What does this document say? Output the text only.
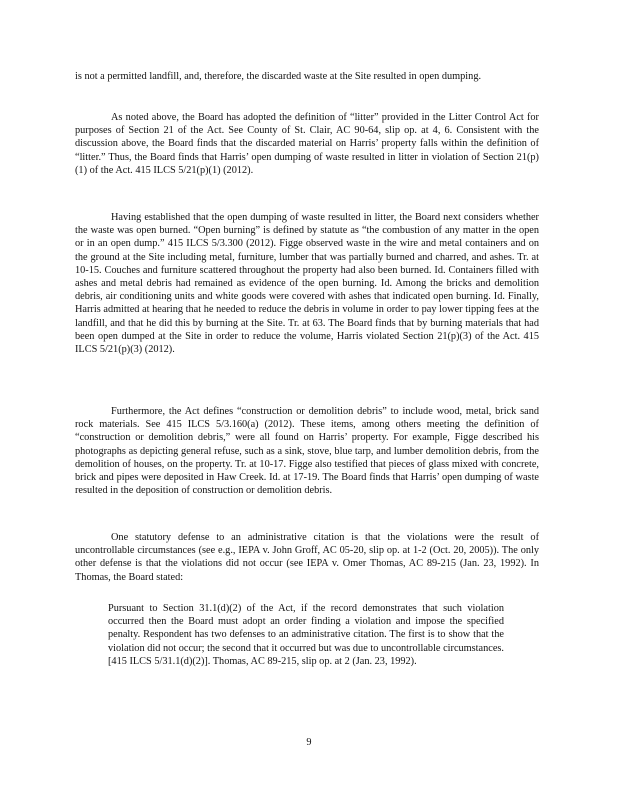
is not a permitted landfill, and, therefore, the discarded waste at the Site resulted in open dumping.

As noted above, the Board has adopted the definition of “litter” provided in the Litter Control Act for purposes of Section 21 of the Act. See County of St. Clair, AC 90-64, slip op. at 4, 6. Consistent with the discussion above, the Board finds that the discarded material on Harris’ property falls within the definition of “litter.” Thus, the Board finds that Harris’ open dumping of waste resulted in litter in violation of Section 21(p)(1) of the Act. 415 ILCS 5/21(p)(1) (2012).

Having established that the open dumping of waste resulted in litter, the Board next considers whether the waste was open burned. “Open burning” is defined by statute as “the combustion of any matter in the open or in an open dump.” 415 ILCS 5/3.300 (2012). Figge observed waste in the wire and metal containers and on the ground at the Site including metal, furniture, lumber that was partially burned and charred, and ashes. Tr. at 10-15. Couches and furniture scattered throughout the property had also been burned. Id. Containers filled with ashes and metal debris had remained as evidence of the open burning. Id. Among the bricks and demolition debris, air conditioning units and white goods were covered with ashes that indicated open burning. Id. Finally, Harris admitted at hearing that he needed to reduce the debris in volume in order to pay lower tipping fees at the landfill, and that he did this by burning at the Site. Tr. at 63. The Board finds that by burning materials that had been open dumped at the Site in order to reduce the volume, Harris violated Section 21(p)(3) of the Act. 415 ILCS 5/21(p)(3) (2012).

Furthermore, the Act defines “construction or demolition debris” to include wood, metal, brick sand rock materials. See 415 ILCS 5/3.160(a) (2012). These items, among others meeting the definition of “construction or demolition debris,” were all found on Harris’ property. For example, Figge described his photographs as depicting general refuse, such as a sink, stove, blue tarp, and lumber demolition debris, from the demolition of houses, on the property. Tr. at 10-17. Figge also testified that pieces of glass mixed with concrete, brick and pipes were deposited in Haw Creek. Id. at 17-19. The Board finds that Harris’ open dumping of waste resulted in the deposition of construction or demolition debris.

One statutory defense to an administrative citation is that the violations were the result of uncontrollable circumstances (see e.g., IEPA v. John Groff, AC 05-20, slip op. at 1-2 (Oct. 20, 2005)). The only other defense is that the violations did not occur (see IEPA v. Omer Thomas, AC 89-215 (Jan. 23, 1992). In Thomas, the Board stated:

Pursuant to Section 31.1(d)(2) of the Act, if the record demonstrates that such violation occurred then the Board must adopt an order finding a violation and impose the specified penalty. Respondent has two defenses to an administrative citation. The first is to show that the violation did not occur; the second that it occurred but was due to uncontrollable circumstances. [415 ILCS 5/31.1(d)(2)]. Thomas, AC 89-215, slip op. at 2 (Jan. 23, 1992).

9
